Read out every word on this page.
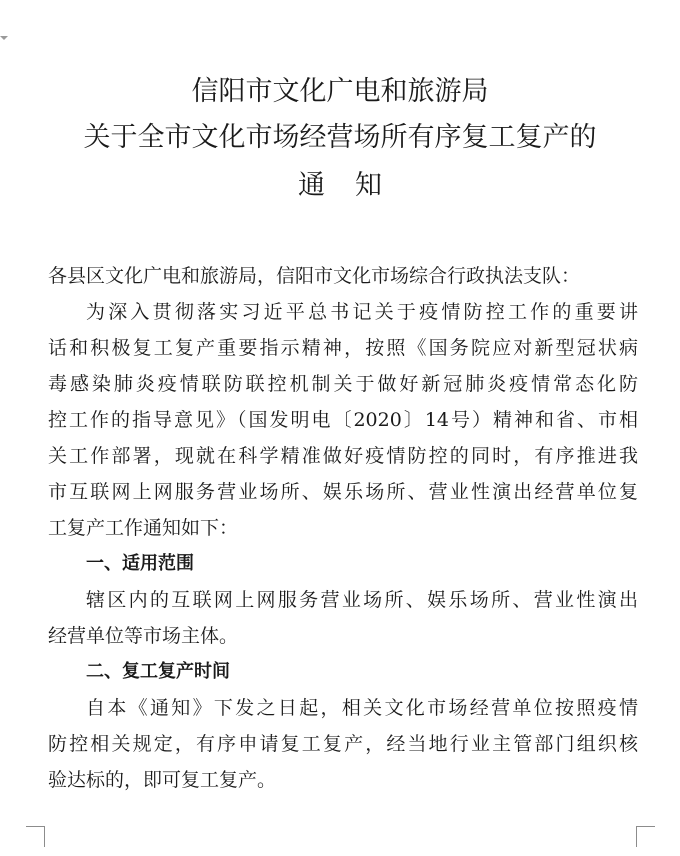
信阳市文化广电和旅游局
关于全市文化市场经营场所有序复工复产的
通知
各县区文化广电和旅游局，信阳市文化市场综合行政执法支队：
为深入贯彻落实习近平总书记关于疫情防控工作的重要讲
话和积极复工复产重要指示精神，按照《国务院应对新型冠状病
毒感染肺炎疫情联防联控机制关于做好新冠肺炎疫情常态化防
控工作的指导意见》（国发明电〔2020〕14号）精神和省、市相
关工作部署，现就在科学精准做好疫情防控的同时，有序推进我
市互联网上网服务营业场所、娱乐场所、营业性演出经营单位复
工复产工作通知如下：
一、适用范围
辖区内的互联网上网服务营业场所、娱乐场所、营业性演出
经营单位等市场主体。
二、复工复产时间
自本《通知》下发之日起，相关文化市场经营单位按照疫情
防控相关规定，有序申请复工复产，经当地行业主管部门组织核
验达标的，即可复工复产。
